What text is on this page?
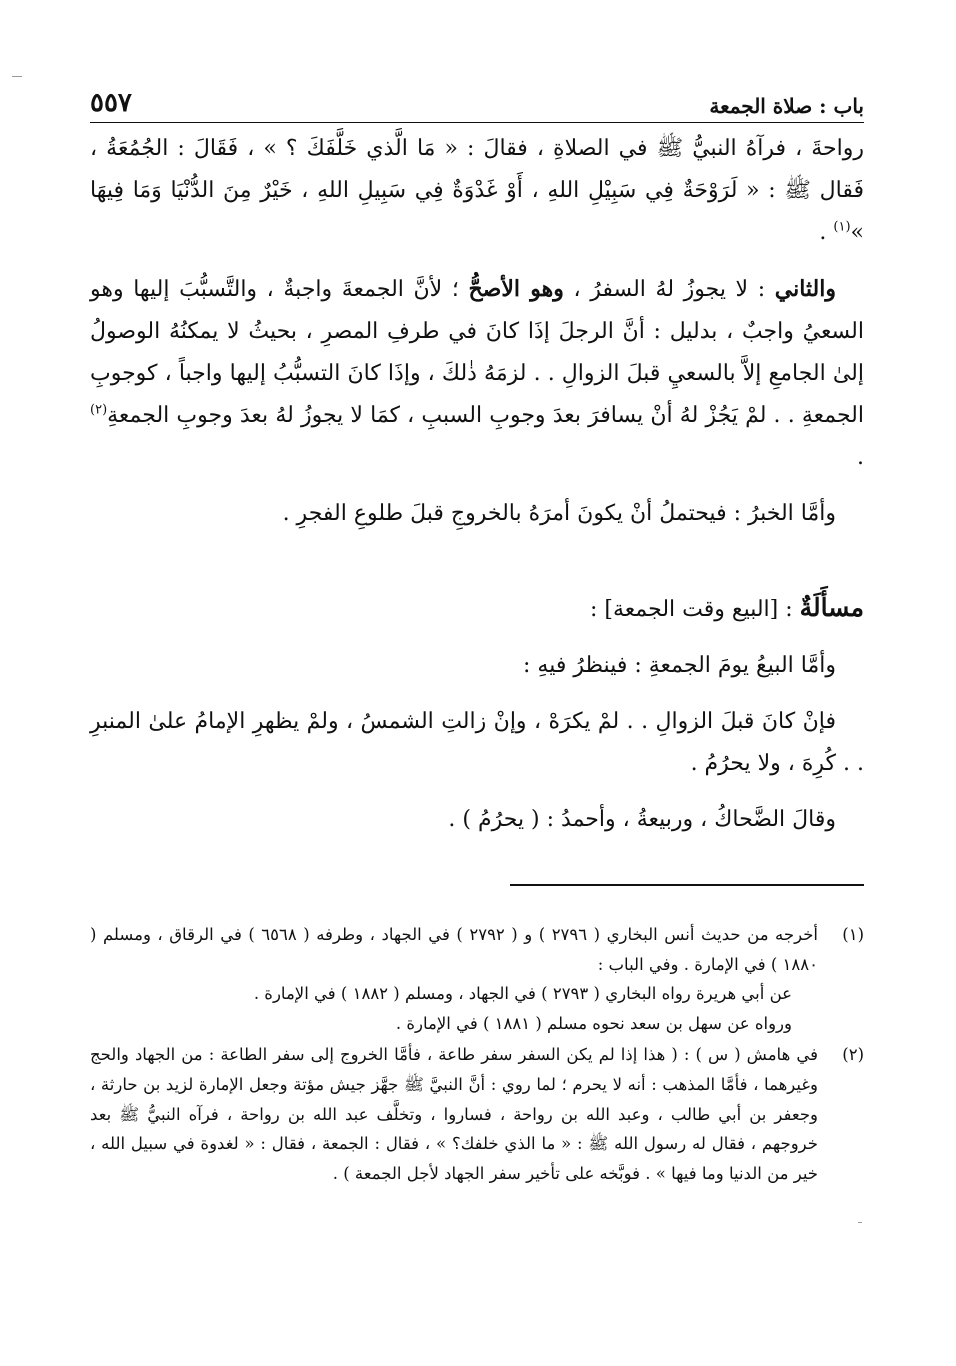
باب : صلاة الجمعة
٥٥٧

رواحةَ ، فرآهُ النبيُّ ﷺ في الصلاةِ ، فقالَ : « مَا الَّذي خَلَّفَكَ ؟ » ، فَقَالَ : الجُمُعَةُ ، فَقال ﷺ : « لَرَوْحَةٌ فِي سَبِيْلِ اللهِ ، أَوْ غَدْوَةٌ فِي سَبِيلِ اللهِ ، خَيْرٌ مِنَ الدُّنْيَا وَمَا فِيهَا »$^{(١)}$ .

والثاني : لا يجوزُ لهُ السفرُ ، وهو الأصحُّ ؛ لأنَّ الجمعةَ واجبةٌ ، والتَّسبُّبَ إليها وهو السعيُ واجبٌ ، بدليل : أنَّ الرجلَ إذَا كانَ في طرفِ المصرِ ، بحيثُ لا يمكنُهُ الوصولُ إلىٰ الجامعِ إلاَّ بالسعيِ قبلَ الزوالِ . . لزمَهُ ذٰلكَ ، وإذَا كانَ التسبُّبُ إليها واجباً ، كوجوبِ الجمعةِ . . لمْ يَجُزْ لهُ أنْ يسافرَ بعدَ وجوبِ السببِ ، كمَا لا يجوزُ لهُ بعدَ وجوبِ الجمعةِ$^{(٢)}$ .

وأمَّا الخبرُ : فيحتملُ أنْ يكونَ أمرَهُ بالخروجِ قبلَ طلوعِ الفجرِ .

مسأَلَةٌ : [البيع وقت الجمعة] :

وأمَّا البيعُ يومَ الجمعةِ : فينظرُ فيهِ :

فإنْ كانَ قبلَ الزوالِ . . لمْ يكرَهْ ، وإنْ زالتِ الشمسُ ، ولمْ يظهرِ الإمامُ علىٰ المنبرِ . . كُرِهَ ، ولا يحرُمُ .

وقالَ الضَّحاكُ ، وربيعةُ ، وأحمدُ : ( يحرُمُ ) .

(١)

أخرجه من حديث أنس البخاري ( ٢٧٩٦ ) و ( ٢٧٩٢ ) في الجهاد ، وطرفه ( ٦٥٦٨ ) في الرقاق ، ومسلم ( ١٨٨٠ ) في الإمارة . وفي الباب :

عن أبي هريرة رواه البخاري ( ٢٧٩٣ ) في الجهاد ، ومسلم ( ١٨٨٢ ) في الإمارة .

ورواه عن سهل بن سعد نحوه مسلم ( ١٨٨١ ) في الإمارة .

(٢)

في هامش ( س ) : ( هذا إذا لم يكن السفر سفر طاعة ، فأمَّا الخروج إلى سفر الطاعة : من الجهاد والحج وغيرهما ، فأمَّا المذهب : أنه لا يحرم ؛ لما روي : أنَّ النبيَّ ﷺ جهَّز جيش مؤتة وجعل الإمارة لزيد بن حارثة ، وجعفر بن أبي طالب ، وعبد الله بن رواحة ، فساروا ، وتخلَّف عبد الله بن رواحة ، فرآه النبيُّ ﷺ بعد خروجهم ، فقال له رسول الله ﷺ : « ما الذي خلفك؟ » ، فقال : الجمعة ، فقال : « لغدوة في سبيل الله ، خير من الدنيا وما فيها » . فوبَّخه على تأخير سفر الجهاد لأجل الجمعة ) .
